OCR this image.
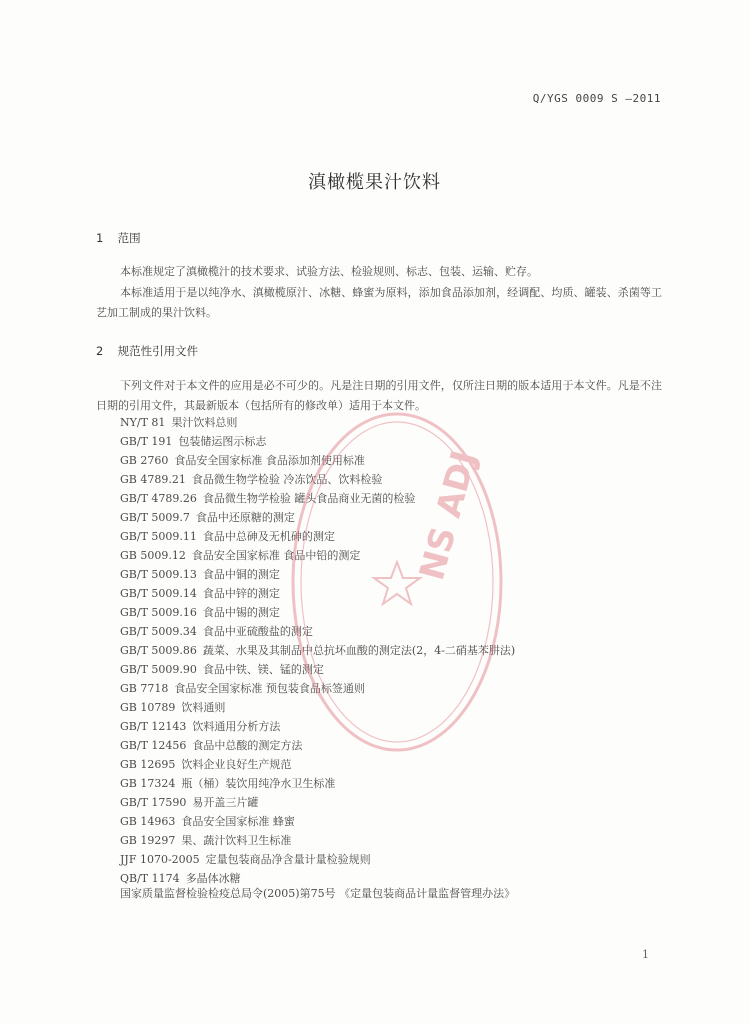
Q/YGS 0009 S —2011
滇橄榄果汁饮料
1 范围

本标准规定了滇橄榄汁的技术要求、试验方法、检验规则、标志、包装、运输、贮存。

本标准适用于是以纯净水、滇橄榄原汁、冰糖、蜂蜜为原料，添加食品添加剂，经调配、均质、罐装、杀菌等工艺加工制成的果汁饮料。

2 规范性引用文件

下列文件对于本文件的应用是必不可少的。凡是注日期的引用文件，仅所注日期的版本适用于本文件。凡是不注日期的引用文件，其最新版本（包括所有的修改单）适用于本文件。

NY/T 81 果汁饮料总则
GB/T 191 包装储运图示标志
GB 2760 食品安全国家标准 食品添加剂使用标准
GB 4789.21 食品微生物学检验 冷冻饮品、饮料检验
GB/T 4789.26 食品微生物学检验 罐头食品商业无菌的检验
GB/T 5009.7 食品中还原糖的测定
GB/T 5009.11 食品中总砷及无机砷的测定
GB 5009.12 食品安全国家标准 食品中铅的测定
GB/T 5009.13 食品中铜的测定
GB/T 5009.14 食品中锌的测定
GB/T 5009.16 食品中锡的测定
GB/T 5009.34 食品中亚硫酸盐的测定
GB/T 5009.86 蔬菜、水果及其制品中总抗坏血酸的测定法(2，4-二硝基苯肼法)
GB/T 5009.90 食品中铁、镁、锰的测定
GB 7718 食品安全国家标准 预包装食品标签通则
GB 10789 饮料通则
GB/T 12143 饮料通用分析方法
GB/T 12456 食品中总酸的测定方法
GB 12695 饮料企业良好生产规范
GB 17324 瓶（桶）装饮用纯净水卫生标准
GB/T 17590 易开盖三片罐
GB 14963 食品安全国家标准 蜂蜜
GB 19297 果、蔬汁饮料卫生标准
JJF 1070-2005 定量包装商品净含量计量检验规则
QB/T 1174 多晶体冰糖
国家质量监督检验检疫总局令(2005)第75号 《定量包装商品计量监督管理办法》
1
NS ADJ
